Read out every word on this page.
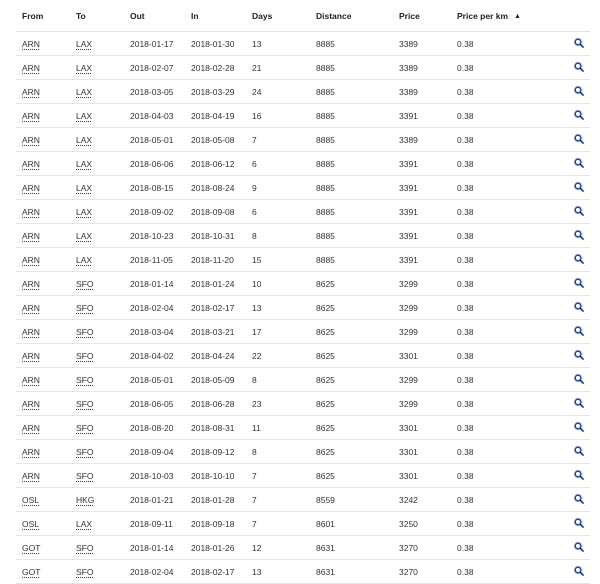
From	To	Out	In	Days	Distance	Price	Price per km ▲	
ARN	LAX	2018-01-17	2018-01-30	13	8885	3389	0.38	

ARN	LAX	2018-02-07	2018-02-28	21	8885	3389	0.38	

ARN	LAX	2018-03-05	2018-03-29	24	8885	3389	0.38	

ARN	LAX	2018-04-03	2018-04-19	16	8885	3391	0.38	

ARN	LAX	2018-05-01	2018-05-08	7	8885	3389	0.38	

ARN	LAX	2018-06-06	2018-06-12	6	8885	3391	0.38	

ARN	LAX	2018-08-15	2018-08-24	9	8885	3391	0.38	

ARN	LAX	2018-09-02	2018-09-08	6	8885	3391	0.38	

ARN	LAX	2018-10-23	2018-10-31	8	8885	3391	0.38	

ARN	LAX	2018-11-05	2018-11-20	15	8885	3391	0.38	

ARN	SFO	2018-01-14	2018-01-24	10	8625	3299	0.38	

ARN	SFO	2018-02-04	2018-02-17	13	8625	3299	0.38	

ARN	SFO	2018-03-04	2018-03-21	17	8625	3299	0.38	

ARN	SFO	2018-04-02	2018-04-24	22	8625	3301	0.38	

ARN	SFO	2018-05-01	2018-05-09	8	8625	3299	0.38	

ARN	SFO	2018-06-05	2018-06-28	23	8625	3299	0.38	

ARN	SFO	2018-08-20	2018-08-31	11	8625	3301	0.38	

ARN	SFO	2018-09-04	2018-09-12	8	8625	3301	0.38	

ARN	SFO	2018-10-03	2018-10-10	7	8625	3301	0.38	

OSL	HKG	2018-01-21	2018-01-28	7	8559	3242	0.38	

OSL	LAX	2018-09-11	2018-09-18	7	8601	3250	0.38	

GOT	SFO	2018-01-14	2018-01-26	12	8631	3270	0.38	

GOT	SFO	2018-02-04	2018-02-17	13	8631	3270	0.38	
